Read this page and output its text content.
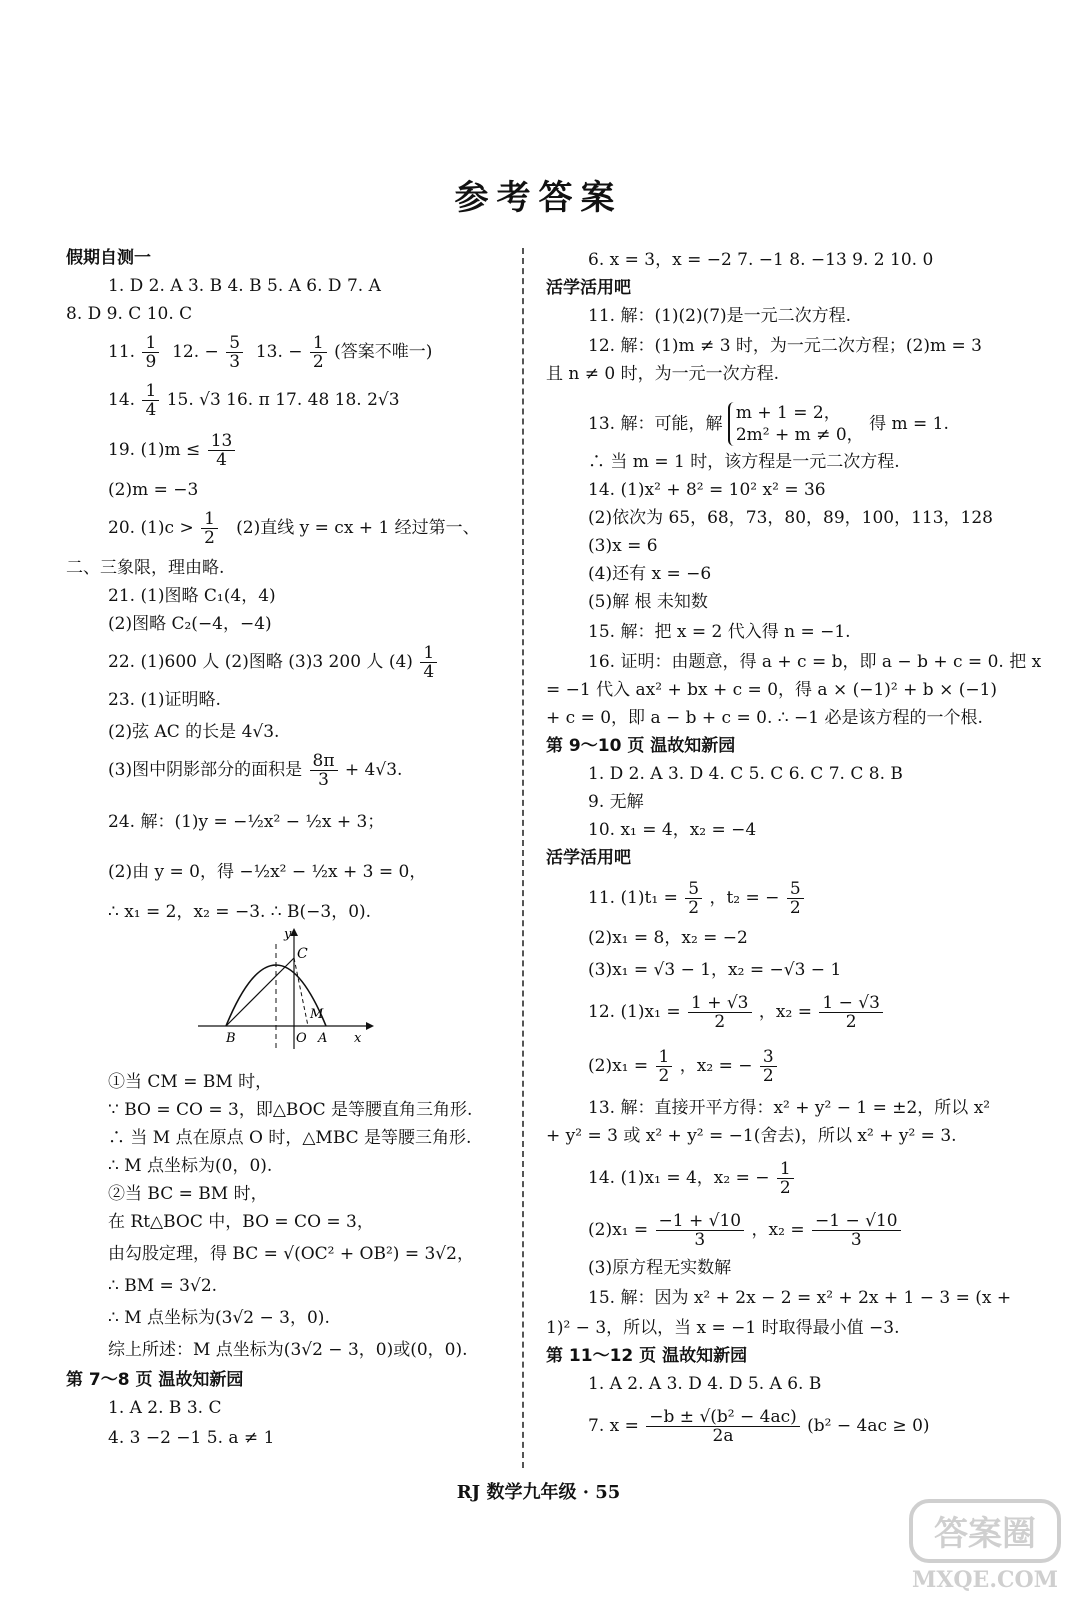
参考答案
假期自测一
1. D 2. A 3. B 4. B 5. A 6. D 7. A
8. D 9. C 10. C
11. $\frac{1}{9} 12$. − $\frac{5}{3} 13$. − $\frac{1}{2}$ (答案不唯一)
14. $\frac{1}{4} 15$. √3 16. π 17. 48 18. 2√3
19. $(1)m \le \frac{13}{4}$
(2)m = −3
20. $(1)c > \frac{1}{2} (2)$直线 y = cx + 1 经过第一、
二、三象限，理由略.
21. (1)图略 C₁(4，4)
(2)图略 C₂(−4，−4)
22. (1)600 人 (2)图略 (3)3 200 人 $(4) \frac{1}{4}$
23. (1)证明略.
(2)弦 AC 的长是 4√3.
(3)图中阴影部分的面积是 $\frac{8\pi}{3} + 4√3$.
24. 解：(1)y = −½x² − ½x + 3；
(2)由 y = 0，得 −½x² − ½x + 3 = 0，
∴ x₁ = 2，x₂ = −3. ∴ B(−3，0).
y
C
M
B	O A x
①当 CM = BM 时，
∵ BO = CO = 3，即△BOC 是等腰直角三角形.
∴ 当 M 点在原点 O 时，△MBC 是等腰三角形.
∴ M 点坐标为(0，0).
②当 BC = BM 时，
在 Rt△BOC 中，BO = CO = 3，
由勾股定理，得 BC = √(OC² + OB²) = 3√2，
∴ BM = 3√2.
∴ M 点坐标为(3√2 − 3，0).
综上所述：M 点坐标为(3√2 − 3，0)或(0，0).
第 7～8 页 温故知新园
1. A 2. B 3. C
4. 3 −2 −1 5. a ≠ 1
6. x = 3，x = −2 7. −1 8. −13 9. 2 10. 0
活学活用吧
11. 解：(1)(2)(7)是一元二次方程.
12. 解：(1)m ≠ 3 时，为一元二次方程；(2)m = 3
且 n ≠ 0 时，为一元一次方程.
13. 解：可能，解
m + 1 = 2，
2m² + m ≠ 0，
得 m = 1.
∴ 当 m = 1 时，该方程是一元二次方程.
14. (1)x² + 8² = 10² x² = 36
(2)依次为 65，68，73，80，89，100，113，128
(3)x = 6
(4)还有 x = −6
(5)解 根 未知数
15. 解：把 x = 2 代入得 n = −1.
16. 证明：由题意，得 a + c = b，即 a − b + c = 0. 把 x
= −1 代入 ax² + bx + c = 0，得 a × (−1)² + b × (−1)
+ c = 0，即 a − b + c = 0. ∴ −1 必是该方程的一个根.
第 9～10 页 温故知新园
1. D 2. A 3. D 4. C 5. C 6. C 7. C 8. B
9. 无解
10. x₁ = 4，x₂ = −4
活学活用吧
11. $(1)t_1 = \frac{5}{2}$ ，t₂ = − $\frac{5}{2}$
(2)x₁ = 8，x₂ = −2
(3)x₁ = √3 − 1，x₂ = −√3 − 1
12. $(1)x_1 = \frac{1 + √3}{2}$ ，$x_2 = \frac{1 - √3}{2}$
$(2)x_1 = \frac{1}{2}$ ，x₂ = − $\frac{3}{2}$
13. 解：直接开平方得：x² + y² − 1 = ±2，所以 x²
+ y² = 3 或 x² + y² = −1(舍去)，所以 x² + y² = 3.
14. (1)x₁ = 4，x₂ = − $\frac{1}{2}$
$(2)x_1 = \frac{-1 + √10}{3}$ ，$x_2 = \frac{-1 - √10}{3}$
(3)原方程无实数解
15. 解：因为 x² + 2x − 2 = x² + 2x + 1 − 3 = (x +
1)² − 3，所以，当 x = −1 时取得最小值 −3.
第 11～12 页 温故知新园
1. A 2. A 3. D 4. D 5. A 6. B
7. $x = \frac{\text{−b ± √(b² − 4ac)}}{2a} (b^2 - 4ac \ge 0)$
RJ 数学九年级 · 55
答案圈
MXQE.COM
